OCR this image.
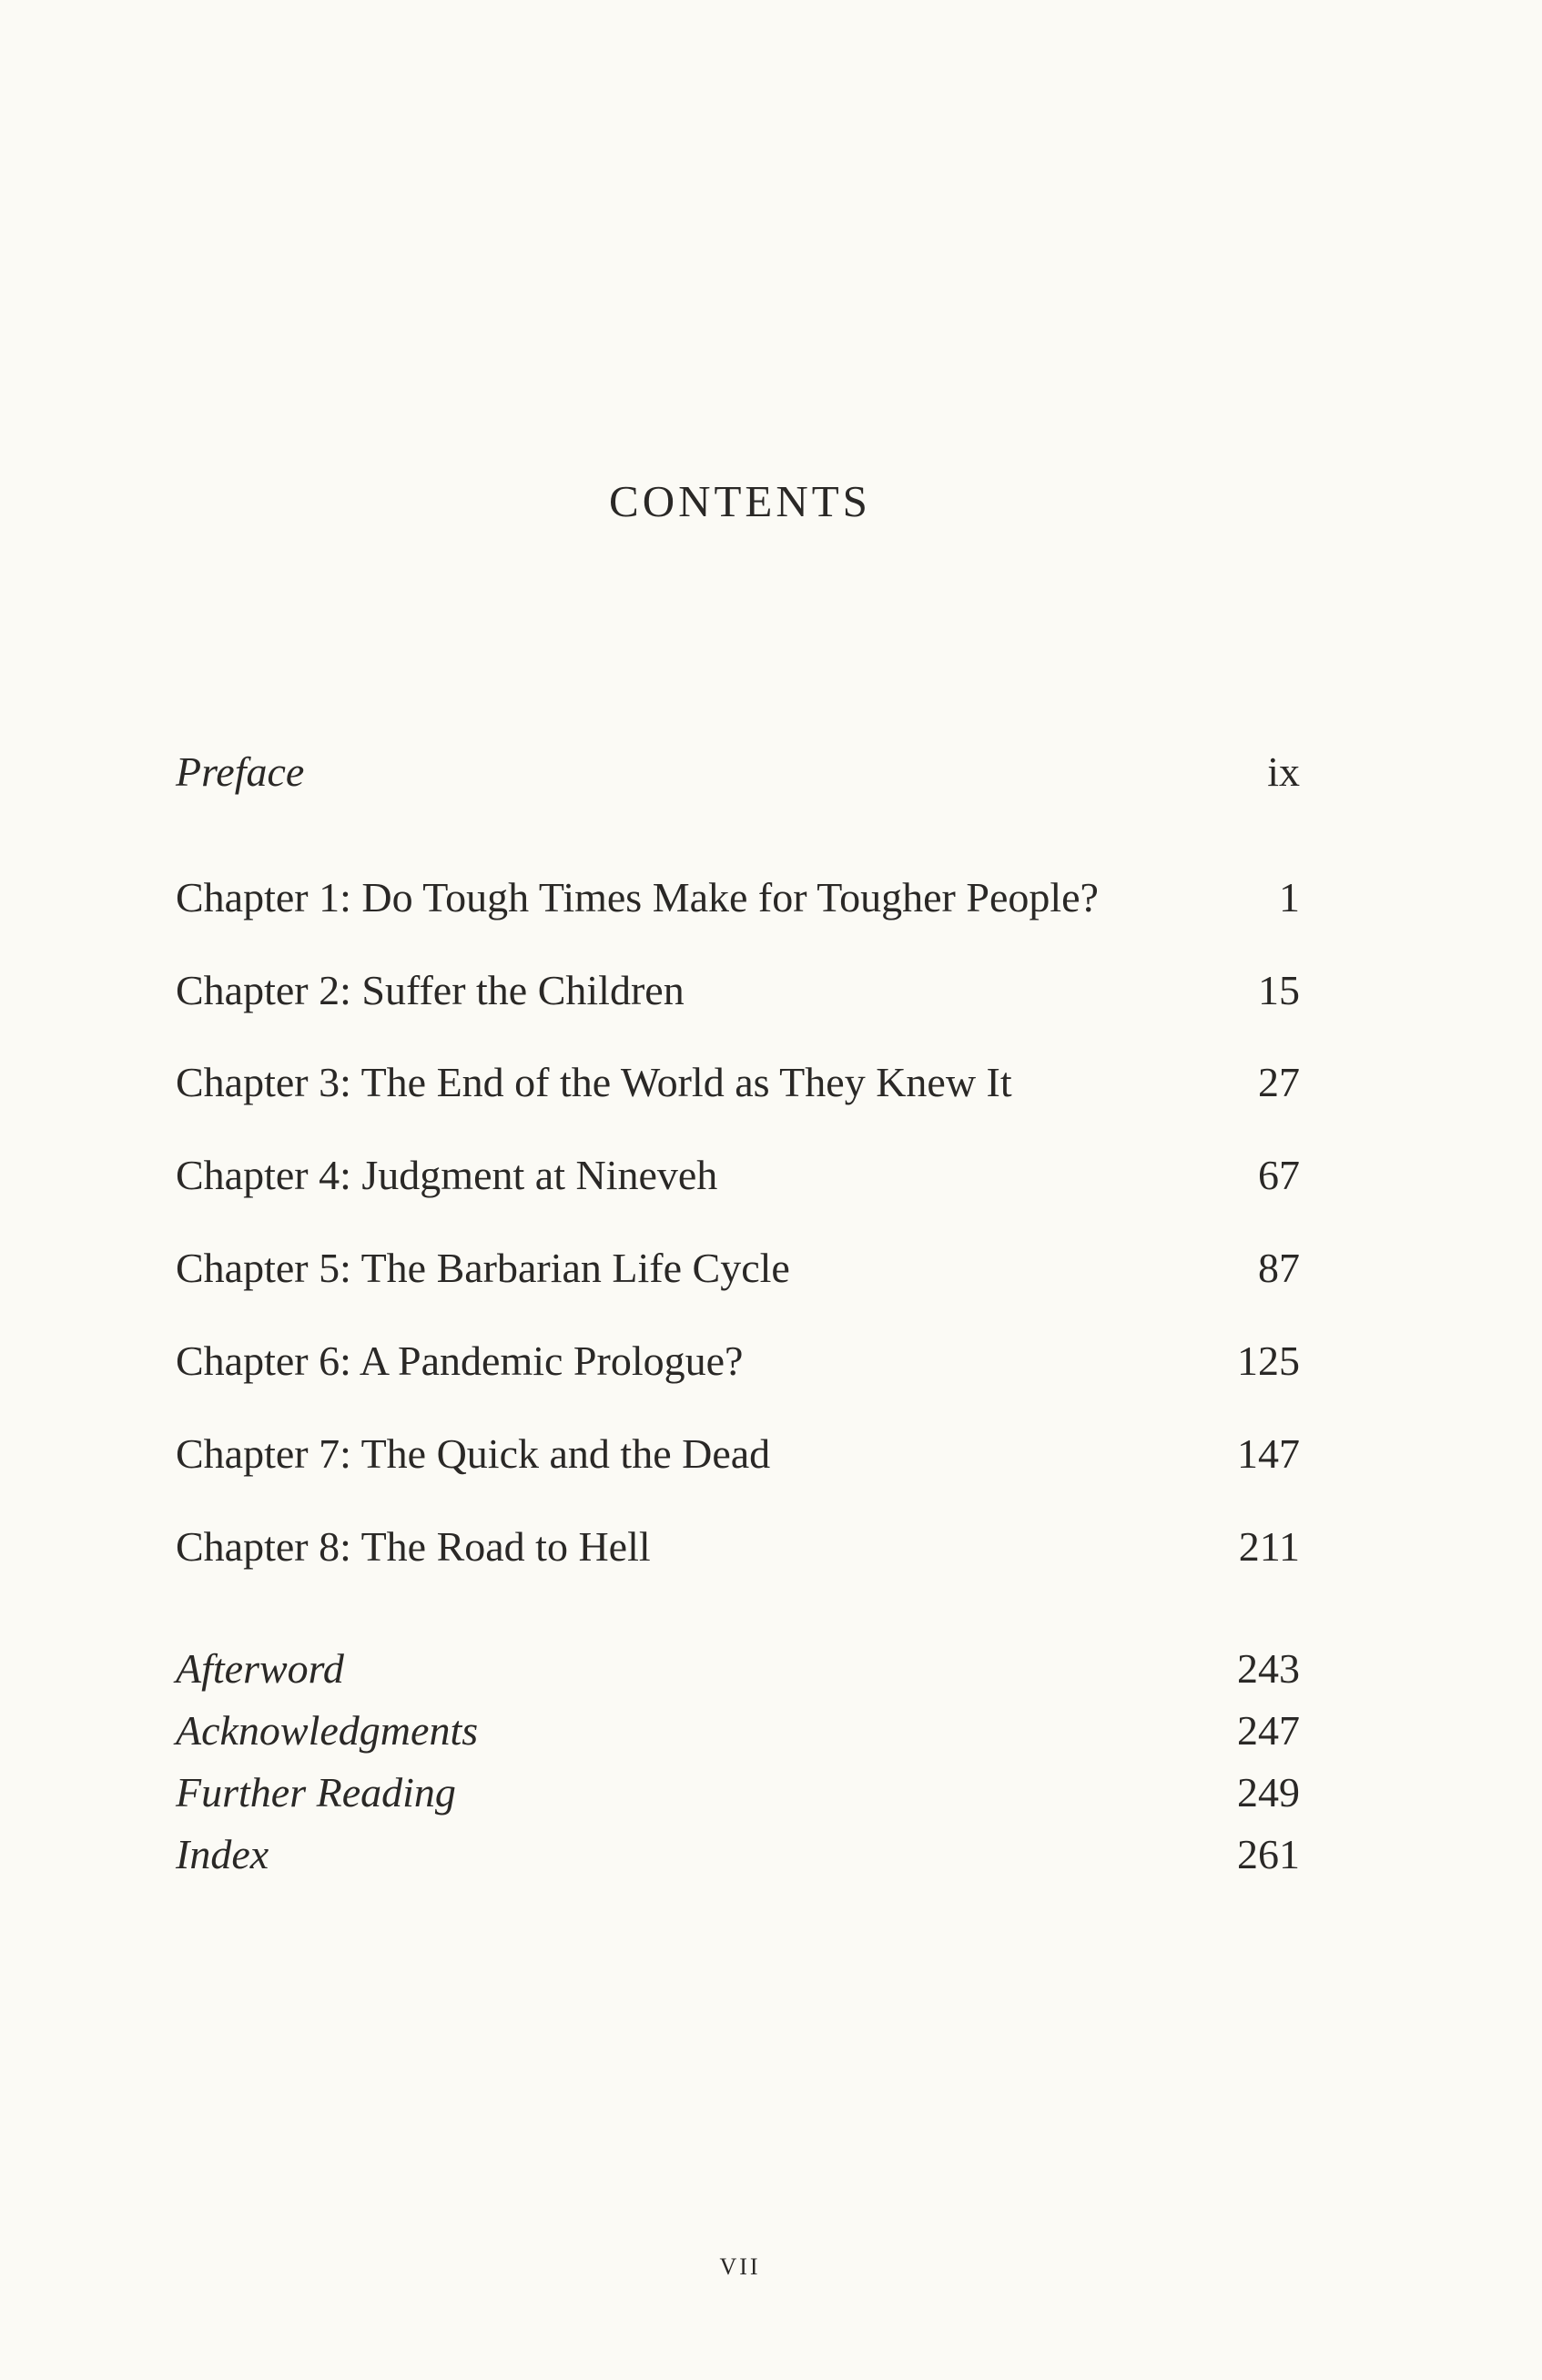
CONTENTS
Preface	ix
Chapter 1: Do Tough Times Make for Tougher People?	1
Chapter 2: Suffer the Children	15
Chapter 3: The End of the World as They Knew It	27
Chapter 4: Judgment at Nineveh	67
Chapter 5: The Barbarian Life Cycle	87
Chapter 6: A Pandemic Prologue?	125
Chapter 7: The Quick and the Dead	147
Chapter 8: The Road to Hell	211
Afterword	243
Acknowledgments	247
Further Reading	249
Index	261
VII
